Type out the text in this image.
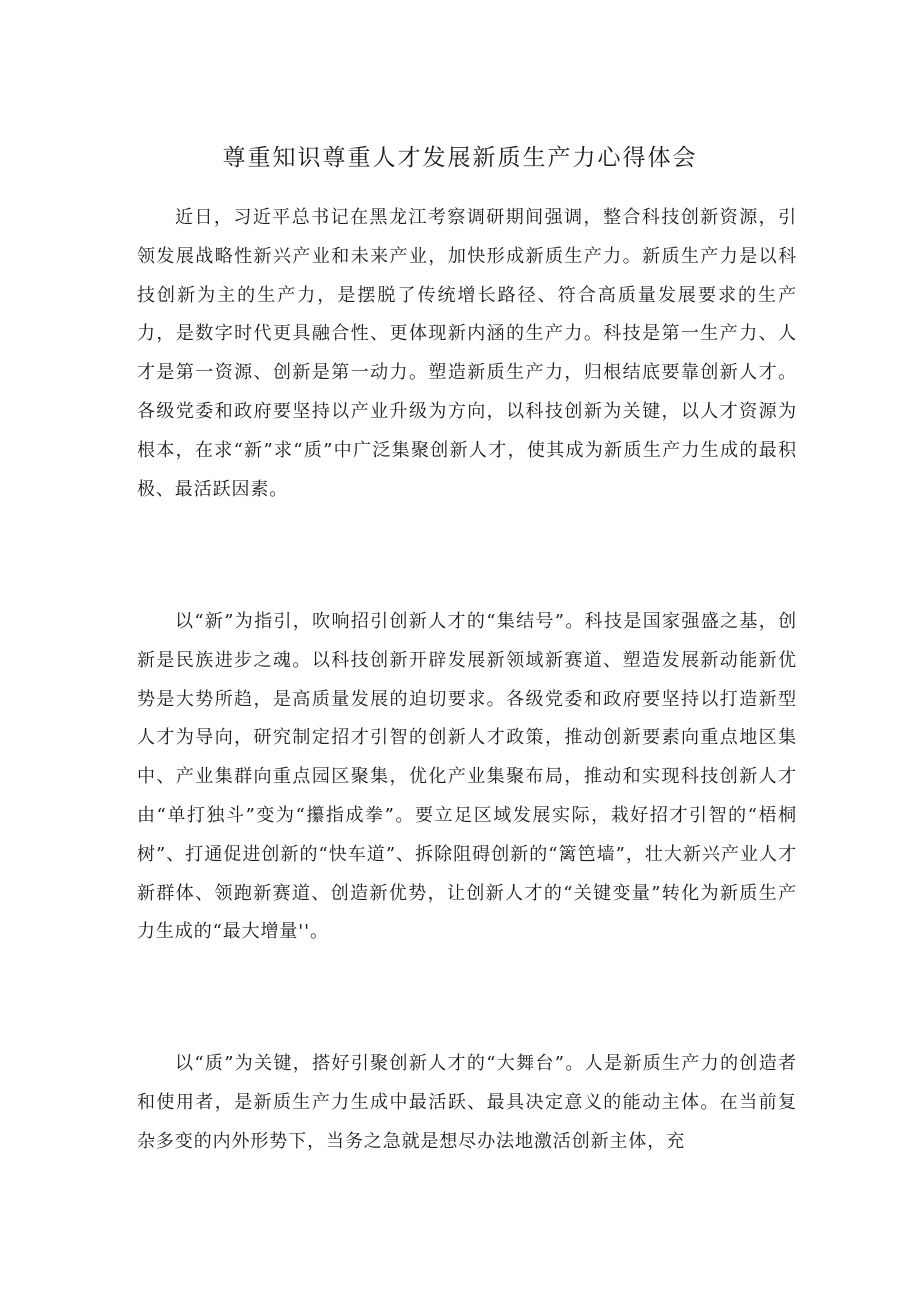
尊重知识尊重人才发展新质生产力心得体会

近日，习近平总书记在黑龙江考察调研期间强调，整合科技创新资源，引领发展战略性新兴产业和未来产业，加快形成新质生产力。新质生产力是以科技创新为主的生产力，是摆脱了传统增长路径、符合高质量发展要求的生产力，是数字时代更具融合性、更体现新内涵的生产力。科技是第一生产力、人才是第一资源、创新是第一动力。塑造新质生产力，归根结底要靠创新人才。各级党委和政府要坚持以产业升级为方向，以科技创新为关键，以人才资源为根本，在求“新”求“质”中广泛集聚创新人才，使其成为新质生产力生成的最积极、最活跃因素。

以“新”为指引，吹响招引创新人才的“集结号”。科技是国家强盛之基，创新是民族进步之魂。以科技创新开辟发展新领域新赛道、塑造发展新动能新优势是大势所趋，是高质量发展的迫切要求。各级党委和政府要坚持以打造新型人才为导向，研究制定招才引智的创新人才政策，推动创新要素向重点地区集中、产业集群向重点园区聚集，优化产业集聚布局，推动和实现科技创新人才由“单打独斗”变为“攥指成拳”。要立足区域发展实际，栽好招才引智的“梧桐树”、打通促进创新的“快车道”、拆除阻碍创新的“篱笆墙”，壮大新兴产业人才新群体、领跑新赛道、创造新优势，让创新人才的“关键变量”转化为新质生产力生成的“最大增量''。

以“质”为关键，搭好引聚创新人才的“大舞台”。人是新质生产力的创造者和使用者，是新质生产力生成中最活跃、最具决定意义的能动主体。在当前复杂多变的内外形势下，当务之急就是想尽办法地激活创新主体，充
